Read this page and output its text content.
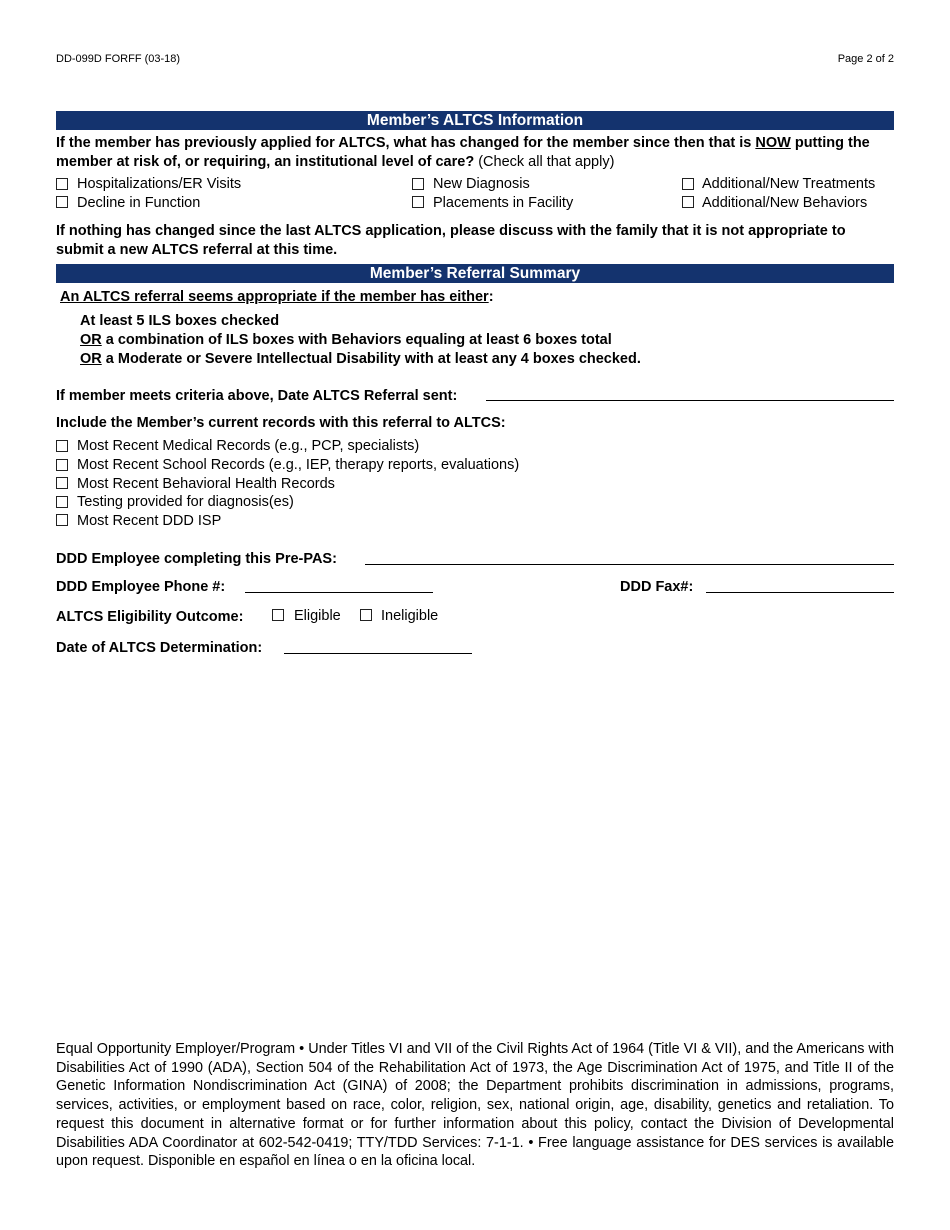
DD-099D FORFF (03-18)	Page 2 of 2
Member’s ALTCS Information
If the member has previously applied for ALTCS, what has changed for the member since then that is NOW putting the member at risk of, or requiring, an institutional level of care? (Check all that apply)
Hospitalizations/ER Visits	New Diagnosis	Additional/New Treatments
Decline in Function	Placements in Facility	Additional/New Behaviors
If nothing has changed since the last ALTCS application, please discuss with the family that it is not appropriate to submit a new ALTCS referral at this time.
Member’s Referral Summary
An ALTCS referral seems appropriate if the member has either:
At least 5 ILS boxes checked
OR a combination of ILS boxes with Behaviors equaling at least 6 boxes total
OR a Moderate or Severe Intellectual Disability with at least any 4 boxes checked.
If member meets criteria above, Date ALTCS Referral sent:
Include the Member’s current records with this referral to ALTCS:
Most Recent Medical Records (e.g., PCP, specialists)
Most Recent School Records (e.g., IEP, therapy reports, evaluations)
Most Recent Behavioral Health Records
Testing provided for diagnosis(es)
Most Recent DDD ISP
DDD Employee completing this Pre-PAS:
DDD Employee Phone #:	DDD Fax#:
ALTCS Eligibility Outcome:	Eligible	Ineligible
Date of ALTCS Determination:
Equal Opportunity Employer/Program • Under Titles VI and VII of the Civil Rights Act of 1964 (Title VI & VII), and the Americans with Disabilities Act of 1990 (ADA), Section 504 of the Rehabilitation Act of 1973, the Age Discrimination Act of 1975, and Title II of the Genetic Information Nondiscrimination Act (GINA) of 2008; the Department prohibits discrimination in admissions, programs, services, activities, or employment based on race, color, religion, sex, national origin, age, disability, genetics and retaliation. To request this document in alternative format or for further information about this policy, contact the Division of Developmental Disabilities ADA Coordinator at 602-542-0419; TTY/TDD Services: 7-1-1. • Free language assistance for DES services is available upon request. Disponible en español en línea o en la oficina local.
